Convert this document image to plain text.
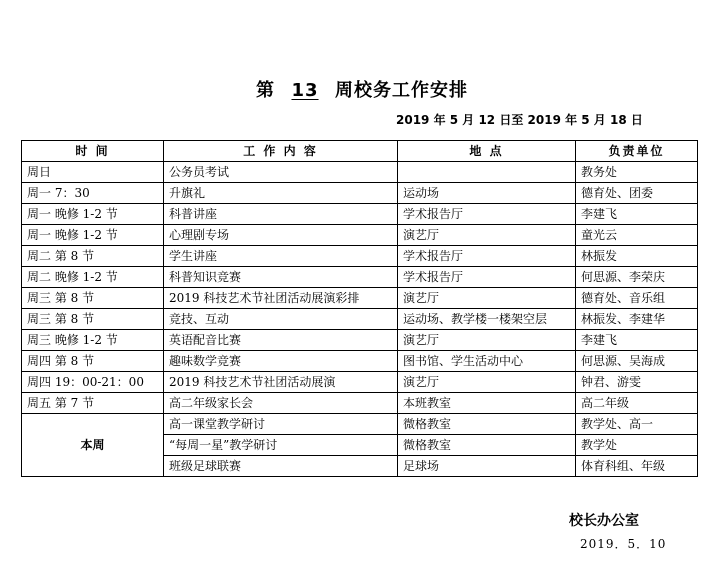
第 13 周校务工作安排
2019 年 5 月 12 日至 2019 年 5 月 18 日
时 间	工 作 内 容	地 点	负责单位
周日	公务员考试		教务处
周一 7：30	升旗礼	运动场	德育处、团委
周一 晚修 1-2 节	科普讲座	学术报告厅	李建飞
周一 晚修 1-2 节	心理剧专场	演艺厅	童光云
周二 第 8 节	学生讲座	学术报告厅	林振发
周二 晚修 1-2 节	科普知识竞赛	学术报告厅	何思源、李荣庆
周三 第 8 节	2019 科技艺术节社团活动展演彩排	演艺厅	德育处、音乐组
周三 第 8 节	竞技、互动	运动场、教学楼一楼架空层	林振发、李建华
周三 晚修 1-2 节	英语配音比赛	演艺厅	李建飞
周四 第 8 节	趣味数学竞赛	图书馆、学生活动中心	何思源、吴海成
周四 19：00-21：00	2019 科技艺术节社团活动展演	演艺厅	钟君、游雯
周五 第 7 节	高二年级家长会	本班教室	高二年级
本周	高一课堂教学研讨	微格教室	教学处、高一
	“每周一星”教学研讨	微格教室	教学处
	班级足球联赛	足球场	体育科组、年级
校长办公室
2019．5．10
